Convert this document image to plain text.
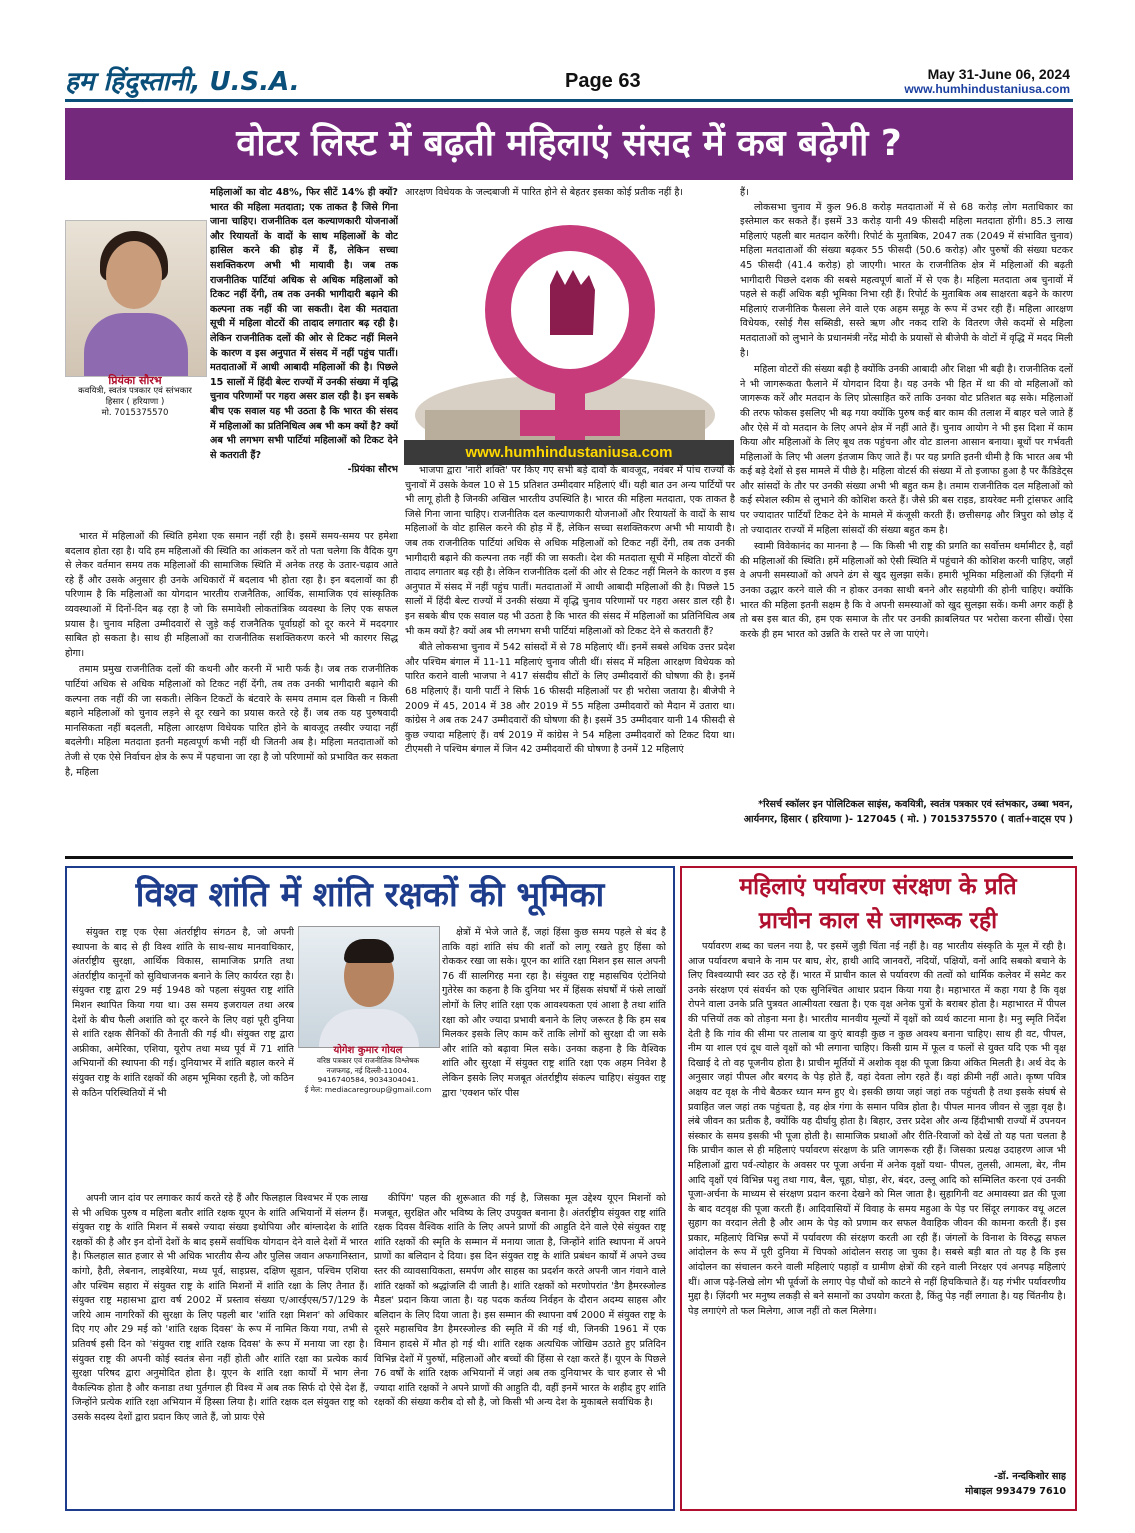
हम हिंदुस्तानी, U.S.A.	Page 63	May 31-June 06, 2024
www.humhindustaniusa.com
वोटर लिस्ट में बढ़ती महिलाएं संसद में कब बढ़ेगी ?
प्रियंका सौरभ
कवयित्री, स्वतंत्र पत्रकार एवं स्तंभकार
हिसार ( हरियाणा )
मो. 7015375570
महिलाओं का वोट 48%, फिर सीटें 14% ही क्यों? भारत की महिला मतदाता; एक ताकत है जिसे गिना जाना चाहिए। राजनीतिक दल कल्याणकारी योजनाओं और रियायतों के वादों के साथ महिलाओं के वोट हासिल करने की होड़ में हैं, लेकिन सच्चा सशक्तिकरण अभी भी मायावी है। जब तक राजनीतिक पार्टियां अधिक से अधिक महिलाओं को टिकट नहीं देंगी, तब तक उनकी भागीदारी बढ़ाने की कल्पना तक नहीं की जा सकती। देश की मतदाता सूची में महिला वोटरों की तादाद लगातार बढ़ रही है। लेकिन राजनीतिक दलों की ओर से टिकट नहीं मिलने के कारण व इस अनुपात में संसद में नहीं पहुंच पातीं। मतदाताओं में आधी आबादी महिलाओं की है। पिछले 15 सालों में हिंदी बेल्ट राज्यों में उनकी संख्या में वृद्धि चुनाव परिणामों पर गहरा असर डाल रही है। इन सबके बीच एक सवाल यह भी उठता है कि भारत की संसद में महिलाओं का प्रतिनिधित्व अब भी कम क्यों है? क्यों अब भी लगभग सभी पार्टियां महिलाओं को टिकट देने से कतराती हैं?
-प्रियंका सौरभ

भारत में महिलाओं की स्थिति हमेशा एक समान नहीं रही है। इसमें समय-समय पर हमेशा बदलाव होता रहा है। यदि हम महिलाओं की स्थिति का आंकलन करें तो पता चलेगा कि वैदिक युग से लेकर वर्तमान समय तक महिलाओं की सामाजिक स्थिति में अनेक तरह के उतार-चढ़ाव आते रहे हैं और उसके अनुसार ही उनके अधिकारों में बदलाव भी होता रहा है। इन बदलावों का ही परिणाम है कि महिलाओं का योगदान भारतीय राजनैतिक, आर्थिक, सामाजिक एवं सांस्कृतिक व्यवस्थाओं में दिनों-दिन बढ़ रहा है जो कि समावेशी लोकतांत्रिक व्यवस्था के लिए एक सफल प्रयास है। चुनाव महिला उम्मीदवारों से जुड़े कई राजनैतिक पूर्वाग्रहों को दूर करने में मददगार साबित हो सकता है। साथ ही महिलाओं का राजनीतिक सशक्तिकरण करने भी कारगर सिद्ध होगा।

तमाम प्रमुख राजनीतिक दलों की कथनी और करनी में भारी फर्क है। जब तक राजनीतिक पार्टियां अधिक से अधिक महिलाओं को टिकट नहीं देंगी, तब तक उनकी भागीदारी बढ़ाने की कल्पना तक नहीं की जा सकती। लेकिन टिकटों के बंटवारे के समय तमाम दल किसी न किसी बहाने महिलाओं को चुनाव लड़ने से दूर रखने का प्रयास करते रहे हैं। जब तक यह पुरुषवादी मानसिकता नहीं बदलती, महिला आरक्षण विधेयक पारित होने के बावजूद तस्वीर ज्यादा नहीं बदलेगी। महिला मतदाता इतनी महत्वपूर्ण कभी नहीं थी जितनी अब है। महिला मतदाताओं को तेजी से एक ऐसे निर्वाचन क्षेत्र के रूप में पहचाना जा रहा है जो परिणामों को प्रभावित कर सकता है, महिला

आरक्षण विधेयक के जल्दबाजी में पारित होने से बेहतर इसका कोई प्रतीक नहीं है।
www.humhindustaniusa.com

भाजपा द्वारा 'नारी शक्ति' पर किए गए सभी बड़े दावों के बावजूद, नवंबर में पांच राज्यों के चुनावों में उसके केवल 10 से 15 प्रतिशत उम्मीदवार महिलाएं थीं। यही बात उन अन्य पार्टियों पर भी लागू होती है जिनकी अखिल भारतीय उपस्थिति है। भारत की महिला मतदाता, एक ताकत है जिसे गिना जाना चाहिए। राजनीतिक दल कल्याणकारी योजनाओं और रियायतों के वादों के साथ महिलाओं के वोट हासिल करने की होड़ में हैं, लेकिन सच्चा सशक्तिकरण अभी भी मायावी है। जब तक राजनीतिक पार्टियां अधिक से अधिक महिलाओं को टिकट नहीं देंगी, तब तक उनकी भागीदारी बढ़ाने की कल्पना तक नहीं की जा सकती। देश की मतदाता सूची में महिला वोटरों की तादाद लगातार बढ़ रही है। लेकिन राजनीतिक दलों की ओर से टिकट नहीं मिलने के कारण व इस अनुपात में संसद में नहीं पहुंच पातीं। मतदाताओं में आधी आबादी महिलाओं की है। पिछले 15 सालों में हिंदी बेल्ट राज्यों में उनकी संख्या में वृद्धि चुनाव परिणामों पर गहरा असर डाल रही है। इन सबके बीच एक सवाल यह भी उठता है कि भारत की संसद में महिलाओं का प्रतिनिधित्व अब भी कम क्यों है? क्यों अब भी लगभग सभी पार्टियां महिलाओं को टिकट देने से कतराती हैं?

बीते लोकसभा चुनाव में 542 सांसदों में से 78 महिलाएं थीं। इनमें सबसे अधिक उत्तर प्रदेश और पश्चिम बंगाल में 11-11 महिलाएं चुनाव जीती थीं। संसद में महिला आरक्षण विधेयक को पारित कराने वाली भाजपा ने 417 संसदीय सीटों के लिए उम्मीदवारों की घोषणा की है। इनमें 68 महिलाएं हैं। यानी पार्टी ने सिर्फ 16 फीसदी महिलाओं पर ही भरोसा जताया है। बीजेपी ने 2009 में 45, 2014 में 38 और 2019 में 55 महिला उम्मीदवारों को मैदान में उतारा था। कांग्रेस ने अब तक 247 उम्मीदवारों की घोषणा की है। इसमें 35 उम्मीदवार यानी 14 फीसदी से कुछ ज्यादा महिलाएं हैं। वर्ष 2019 में कांग्रेस ने 54 महिला उम्मीदवारों को टिकट दिया था। टीएमसी ने पश्चिम बंगाल में जिन 42 उम्मीदवारों की घोषणा है उनमें 12 महिलाएं

हैं।

लोकसभा चुनाव में कुल 96.8 करोड़ मतदाताओं में से 68 करोड़ लोग मताधिकार का इस्तेमाल कर सकते हैं। इसमें 33 करोड़ यानी 49 फीसदी महिला मतदाता होंगी। 85.3 लाख महिलाएं पहली बार मतदान करेंगी। रिपोर्ट के मुताबिक, 2047 तक (2049 में संभावित चुनाव) महिला मतदाताओं की संख्या बढ़कर 55 फीसदी (50.6 करोड़) और पुरुषों की संख्या घटकर 45 फीसदी (41.4 करोड़) हो जाएगी। भारत के राजनीतिक क्षेत्र में महिलाओं की बढ़ती भागीदारी पिछले दशक की सबसे महत्वपूर्ण बातों में से एक है। महिला मतदाता अब चुनावों में पहले से कहीं अधिक बड़ी भूमिका निभा रही हैं। रिपोर्ट के मुताबिक अब साक्षरता बढ़ने के कारण महिलाएं राजनीतिक फैसला लेने वाले एक अहम समूह के रूप में उभर रही हैं। महिला आरक्षण विधेयक, रसोई गैस सब्सिडी, सस्ते ऋण और नकद राशि के वितरण जैसे कदमों से महिला मतदाताओं को लुभाने के प्रधानमंत्री नरेंद्र मोदी के प्रयासों से बीजेपी के वोटों में वृद्धि में मदद मिली है।

महिला वोटरों की संख्या बढ़ी है क्योंकि उनकी आबादी और शिक्षा भी बढ़ी है। राजनीतिक दलों ने भी जागरूकता फैलाने में योगदान दिया है। यह उनके भी हित में था की वो महिलाओं को जागरूक करें और मतदान के लिए प्रोत्साहित करें ताकि उनका वोट प्रतिशत बढ़ सके। महिलाओं की तरफ फोकस इसलिए भी बढ़ गया क्योंकि पुरुष कई बार काम की तलाश में बाहर चले जाते हैं और ऐसे में वो मतदान के लिए अपने क्षेत्र में नहीं आते हैं। चुनाव आयोग ने भी इस दिशा में काम किया और महिलाओं के लिए बूथ तक पहुंचना और वोट डालना आसान बनाया। बूथों पर गर्भवती महिलाओं के लिए भी अलग इंतजाम किए जाते हैं। पर यह प्रगति इतनी धीमी है कि भारत अब भी कई बड़े देशों से इस मामले में पीछे है। महिला वोटर्स की संख्या में तो इजाफा हुआ है पर कैंडिडेट्स और सांसदों के तौर पर उनकी संख्या अभी भी बहुत कम है। तमाम राजनीतिक दल महिलाओं को कई स्पेशल स्कीम से लुभाने की कोशिश करते हैं। जैसे फ्री बस राइड, डायरेक्ट मनी ट्रांसफर आदि पर ज्यादातर पार्टियाँ टिकट देने के मामले में कंजूसी करती हैं। छत्तीसगढ़ और त्रिपुरा को छोड़ दें तो ज्यादातर राज्यों में महिला सांसदों की संख्या बहुत कम है।

स्वामी विवेकानंद का मानना है — कि किसी भी राष्ट्र की प्रगति का सर्वोत्तम थर्मामीटर है, वहाँ की महिलाओं की स्थिति। हमें महिलाओं को ऐसी स्थिति में पहुंचाने की कोशिश करनी चाहिए, जहाँ वे अपनी समस्याओं को अपने ढंग से खुद सुलझा सकें। हमारी भूमिका महिलाओं की ज़िंदगी में उनका उद्धार करने वाले की न होकर उनका साथी बनने और सहयोगी की होनी चाहिए। क्योंकि भारत की महिला इतनी सक्षम है कि वे अपनी समस्याओं को खुद सुलझा सकें। कमी अगर कहीं है तो बस इस बात की, हम एक समाज के तौर पर उनकी क़ाबलियत पर भरोसा करना सीखें। ऐसा करके ही हम भारत को उन्नति के रास्ते पर ले जा पाएंगे।

*रिसर्च स्कॉलर इन पोलिटिकल साइंस, कवयित्री, स्वतंत्र पत्रकार एवं स्तंभकार, उब्बा भवन, आर्यनगर, हिसार ( हरियाणा )- 127045 ( मो. ) 7015375570 ( वार्ता+वाट्स एप )
विश्व शांति में शांति रक्षकों की भूमिका

संयुक्त राष्ट्र एक ऐसा अंतर्राष्ट्रीय संगठन है, जो अपनी स्थापना के बाद से ही विश्व शांति के साथ-साथ मानवाधिकार, अंतर्राष्ट्रीय सुरक्षा, आर्थिक विकास, सामाजिक प्रगति तथा अंतर्राष्ट्रीय कानूनों को सुविधाजनक बनाने के लिए कार्यरत रहा है। संयुक्त राष्ट्र द्वारा 29 मई 1948 को पहला संयुक्त राष्ट्र शांति मिशन स्थापित किया गया था। उस समय इजरायल तथा अरब देशों के बीच फैली अशांति को दूर करने के लिए वहां पूरी दुनिया से शांति रक्षक सैनिकों की तैनाती की गई थी। संयुक्त राष्ट्र द्वारा अफ्रीका, अमेरिका, एशिया, यूरोप तथा मध्य पूर्व में 71 शांति अभियानों की स्थापना की गई। दुनियाभर में शांति बहाल करने में संयुक्त राष्ट्र के शांति रक्षकों की अहम भूमिका रहती है, जो कठिन से कठिन परिस्थितियों में भी

योगेश कुमार गोयल
वरिष्ठ पत्रकार एवं राजनीतिक विश्लेषक
नजफगढ़, नई दिल्ली-11004.
9416740584, 9034304041.
ई मेल: mediacaregroup@gmail.com

क्षेत्रों में भेजे जाते हैं, जहां हिंसा कुछ समय पहले से बंद है ताकि वहां शांति संघ की शर्तों को लागू रखते हुए हिंसा को रोककर रखा जा सके। यूएन का शांति रक्षा मिशन इस साल अपनी 76 वीं सालगिरह मना रहा है। संयुक्त राष्ट्र महासचिव एंटोनियो गुतेरेस का कहना है कि दुनिया भर में हिंसक संघर्षों में फंसे लाखों लोगों के लिए शांति रक्षा एक आवश्यकता एवं आशा है तथा शांति रक्षा को और ज्यादा प्रभावी बनाने के लिए जरूरत है कि हम सब मिलकर इसके लिए काम करें ताकि लोगों को सुरक्षा दी जा सके और शांति को बढ़ावा मिल सके। उनका कहना है कि वैश्विक शांति और सुरक्षा में संयुक्त राष्ट्र शांति रक्षा एक अहम निवेश है लेकिन इसके लिए मजबूत अंतर्राष्ट्रीय संकल्प चाहिए। संयुक्त राष्ट्र द्वारा 'एक्शन फॉर पीस

अपनी जान दांव पर लगाकर कार्य करते रहे हैं और फिलहाल विश्वभर में एक लाख से भी अधिक पुरुष व महिला बतौर शांति रक्षक यूएन के शांति अभियानों में संलग्न हैं। संयुक्त राष्ट्र के शांति मिशन में सबसे ज्यादा संख्या इथोपिया और बांग्लादेश के शांति रक्षकों की है और इन दोनों देशों के बाद इसमें सर्वाधिक योगदान देने वाले देशों में भारत है। फिलहाल सात हजार से भी अधिक भारतीय सैन्य और पुलिस जवान अफगानिस्तान, कांगो, हैती, लेबनान, लाइबेरिया, मध्य पूर्व, साइप्रस, दक्षिण सूडान, पश्चिम एशिया और पश्चिम सहारा में संयुक्त राष्ट्र के शांति मिशनों में शांति रक्षा के लिए तैनात हैं। संयुक्त राष्ट्र महासभा द्वारा वर्ष 2002 में प्रस्ताव संख्या ए/आरईएस/57/129 के जरिये आम नागरिकों की सुरक्षा के लिए पहली बार 'शांति रक्षा मिशन' को अधिकार दिए गए और 29 मई को 'शांति रक्षक दिवस' के रूप में नामित किया गया, तभी से प्रतिवर्ष इसी दिन को 'संयुक्त राष्ट्र शांति रक्षक दिवस' के रूप में मनाया जा रहा है। संयुक्त राष्ट्र की अपनी कोई स्वतंत्र सेना नहीं होती और शांति रक्षा का प्रत्येक कार्य सुरक्षा परिषद द्वारा अनुमोदित होता है। यूएन के शांति रक्षा कार्यों में भाग लेना वैकल्पिक होता है और कनाडा तथा पुर्तगाल ही विश्व में अब तक सिर्फ दो ऐसे देश हैं, जिन्होंने प्रत्येक शांति रक्षा अभियान में हिस्सा लिया है। शांति रक्षक दल संयुक्त राष्ट्र को उसके सदस्य देशों द्वारा प्रदान किए जाते हैं, जो प्रायः ऐसे

कीपिंग' पहल की शुरूआत की गई है, जिसका मूल उद्देश्य यूएन मिशनों को मजबूत, सुरक्षित और भविष्य के लिए उपयुक्त बनाना है। अंतर्राष्ट्रीय संयुक्त राष्ट्र शांति रक्षक दिवस वैश्विक शांति के लिए अपने प्राणों की आहुति देने वाले ऐसे संयुक्त राष्ट्र शांति रक्षकों की स्मृति के सम्मान में मनाया जाता है, जिन्होंने शांति स्थापना में अपने प्राणों का बलिदान दे दिया। इस दिन संयुक्त राष्ट्र के शांति प्रबंधन कार्यों में अपने उच्च स्तर की व्यावसायिकता, समर्पण और साहस का प्रदर्शन करते अपनी जान गंवाने वाले शांति रक्षकों को श्रद्धांजलि दी जाती है। शांति रक्षकों को मरणोपरांत 'डैग हैमरस्जोल्ड मैडल' प्रदान किया जाता है। यह पदक कर्तव्य निर्वहन के दौरान अदम्य साहस और बलिदान के लिए दिया जाता है। इस सम्मान की स्थापना वर्ष 2000 में संयुक्त राष्ट्र के दूसरे महासचिव डैग हैमरस्जोल्ड की स्मृति में की गई थी, जिनकी 1961 में एक विमान हादसे में मौत हो गई थी। शांति रक्षक अत्यधिक जोखिम उठाते हुए प्रतिदिन विभिन्न देशों में पुरुषों, महिलाओं और बच्चों की हिंसा से रक्षा करते हैं। यूएन के पिछले 76 वर्षों के शांति रक्षक अभियानों में जहां अब तक दुनियाभर के चार हजार से भी ज्यादा शांति रक्षकों ने अपने प्राणों की आहुति दी, वहीं इनमें भारत के शहीद हुए शांति रक्षकों की संख्या करीब दो सौ है, जो किसी भी अन्य देश के मुकाबले सर्वाधिक है।

महिलाएं पर्यावरण संरक्षण के प्रति
प्राचीन काल से जागरूक रही

पर्यावरण शब्द का चलन नया है, पर इसमें जुड़ी चिंता नई नहीं है। वह भारतीय संस्कृति के मूल में रही है। आज पर्यावरण बचाने के नाम पर बाघ, शेर, हाथी आदि जानवरों, नदियों, पक्षियों, वनों आदि सबको बचाने के लिए विश्वव्यापी स्वर उठ रहे हैं। भारत में प्राचीन काल से पर्यावरण की तत्वों को धार्मिक कलेवर में समेट कर उनके संरक्षण एवं संवर्धन को एक सुनिश्चित आधार प्रदान किया गया है। महाभारत में कहा गया है कि वृक्ष रोपने वाला उनके प्रति पुत्रवत आत्मीयता रखता है। एक वृक्ष अनेक पुत्रों के बराबर होता है। महाभारत में पीपल की पत्तियों तक को तोड़ना मना है। भारतीय मानवीय मूल्यों में वृक्षों को व्यर्थ काटना माना है। मनु स्मृति निर्देश देती है कि गांव की सीमा पर तालाब या कुएं बावड़ी कुछ न कुछ अवश्य बनाना चाहिए। साथ ही वट, पीपल, नीम या शाल एवं दूध वाले वृक्षों को भी लगाना चाहिए। किसी ग्राम में फूल व फलों से युक्त यदि एक भी वृक्ष दिखाई दे तो वह पूजनीय होता है। प्राचीन मूर्तियों में अशोक वृक्ष की पूजा क्रिया अंकित मिलती है। अर्थ वेद के अनुसार जहां पीपल और बरगद के पेड़ होते हैं, वहां देवता लोग रहते हैं। वहां क्रीमी नहीं आते। कृष्ण पवित्र अक्षय वट वृक्ष के नीचे बैठकर ध्यान मग्न हुए थे। इसकी छाया जहां जहां तक पहुंचती है तथा इसके संघर्ष से प्रवाहित जल जहां तक पहुंचता है, वह क्षेत्र गंगा के समान पवित्र होता है। पीपल मानव जीवन से जुड़ा वृक्ष है। लंबे जीवन का प्रतीक है, क्योंकि यह दीर्घायु होता है। बिहार, उत्तर प्रदेश और अन्य हिंदीभाषी राज्यों में उपनयन संस्कार के समय इसकी भी पूजा होती है। सामाजिक प्रथाओं और रीति-रिवाजों को देखें तो यह पता चलता है कि प्राचीन काल से ही महिलाएं पर्यावरण संरक्षण के प्रति जागरूक रही हैं। जिसका प्रत्यक्ष उदाहरण आज भी महिलाओं द्वारा पर्व-त्योहार के अवसर पर पूजा अर्चना में अनेक वृक्षों यथा- पीपल, तुलसी, आमला, बेर, नीम आदि वृक्षों एवं विभिन्न पशु तथा गाय, बैल, चूहा, घोड़ा, शेर, बंदर, उल्लू आदि को सम्मिलित करना एवं उनकी पूजा-अर्चना के माध्यम से संरक्षण प्रदान करना देखने को मिल जाता है। सुहागिनी वट अमावस्या व्रत की पूजा के बाद वटवृक्ष की पूजा करती हैं। आदिवासियों में विवाह के समय महुआ के पेड़ पर सिंदूर लगाकर वधू अटल सुहाग का वरदान लेती है और आम के पेड़ को प्रणाम कर सफल वैवाहिक जीवन की कामना करती हैं। इस प्रकार, महिलाएं विभिन्न रूपों में पर्यावरण की संरक्षण करती आ रही हैं। जंगलों के विनाश के विरुद्ध सफल आंदोलन के रूप में पूरी दुनिया में चिपको आंदोलन सराह जा चुका है। सबसे बड़ी बात तो यह है कि इस आंदोलन का संचालन करने वाली महिलाएं पहाड़ों व ग्रामीण क्षेत्रों की रहने वाली निरक्षर एवं अनपढ़ महिलाएं थीं। आज पढ़े-लिखे लोग भी पूर्वजों के लगाए पेड़ पौधों को काटने से नहीं हिचकिचाते हैं। यह गंभीर पर्यावरणीय मुद्दा है। ज़िंदगी भर मनुष्य लकड़ी से बने समानों का उपयोग करता है, किंतु पेड़ नहीं लगाता है। यह चिंतनीय है। पेड़ लगाएंगे तो फल मिलेगा, आज नहीं तो कल मिलेगा।

-डॉ. नन्दकिशोर साह
मोबाइल 993479 7610
